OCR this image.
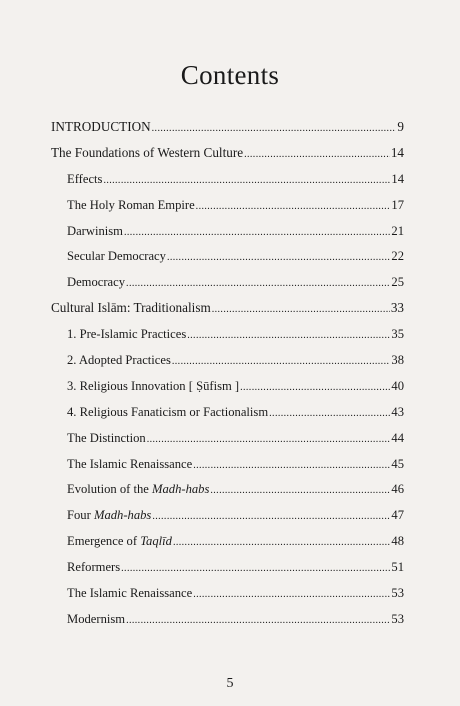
Contents
INTRODUCTION .....	9
The Foundations of Western Culture .....	14
Effects .....	14
The Holy Roman Empire .....	17
Darwinism .....	21
Secular Democracy .....	22
Democracy .....	25
Cultural Islām: Traditionalism .....	33
1. Pre-Islamic Practices .....	35
2. Adopted Practices .....	38
3. Religious Innovation [ Ṣūfism ] .....	40
4. Religious Fanaticism or Factionalism .....	43
The Distinction .....	44
The Islamic Renaissance .....	45
Evolution of the Madh-habs .....	46
Four Madh-habs .....	47
Emergence of Taqlīd .....	48
Reformers .....	51
The Islamic Renaissance .....	53
Modernism .....	53
5
